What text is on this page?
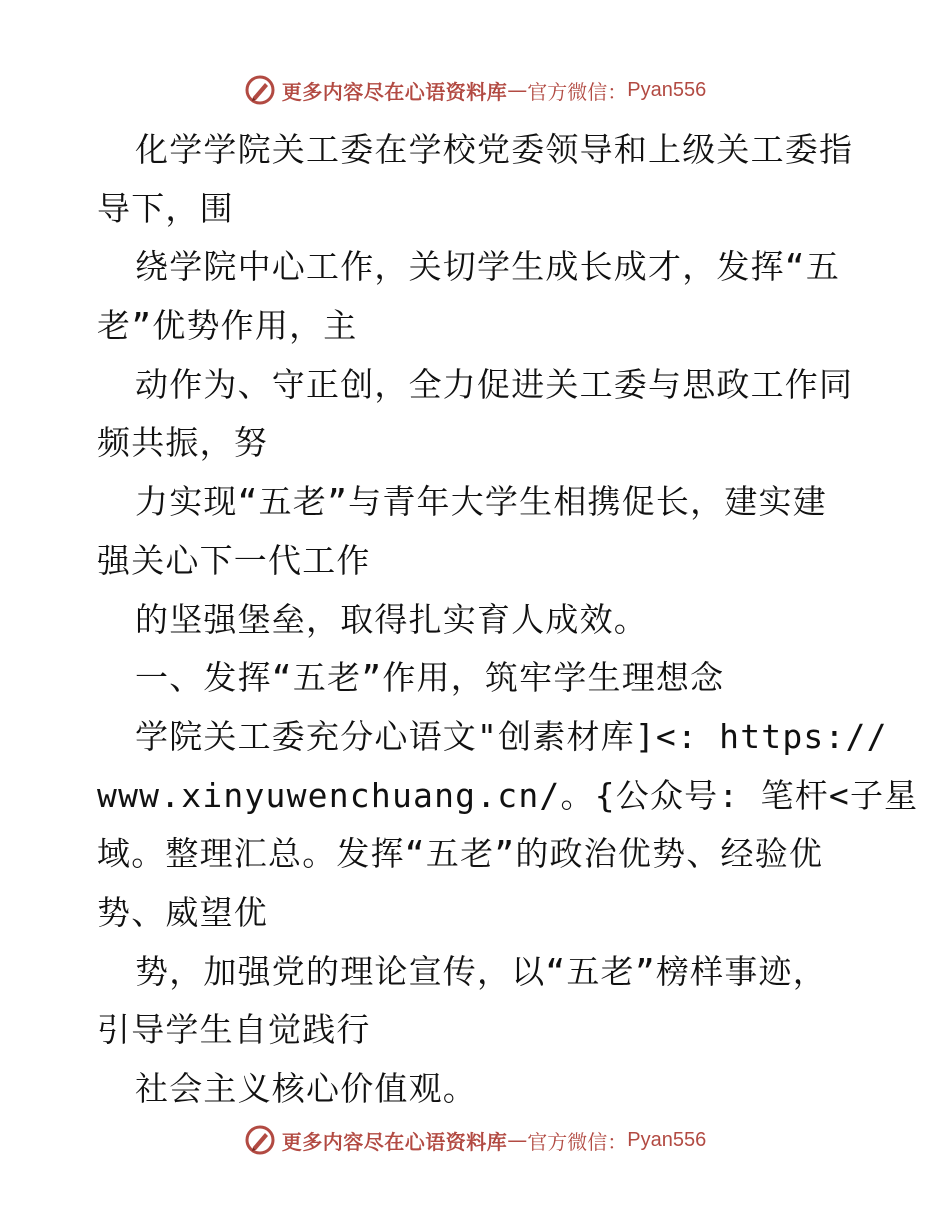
更多内容尽在心语资料库 — 官方微信： Pyan556
化学学院关工委在学校党委领导和上级关工委指
导下，围
绕学院中心工作，关切学生成长成才，发挥“五
老”优势作用，主
动作为、守正创，全力促进关工委与思政工作同
频共振，努
力实现“五老”与青年大学生相携促长，建实建
强关心下一代工作
的坚强堡垒，取得扎实育人成效。
一、发挥“五老”作用，筑牢学生理想念
学院关工委充分心语文"创素材库]<: https://
www.xinyuwenchuang.cn/。{公众号: 笔杆<子星
域。整理汇总。发挥“五老”的政治优势、经验优
势、威望优
势，加强党的理论宣传，以“五老”榜样事迹，
引导学生自觉践行
社会主义核心价值观。
更多内容尽在心语资料库 — 官方微信： Pyan556
